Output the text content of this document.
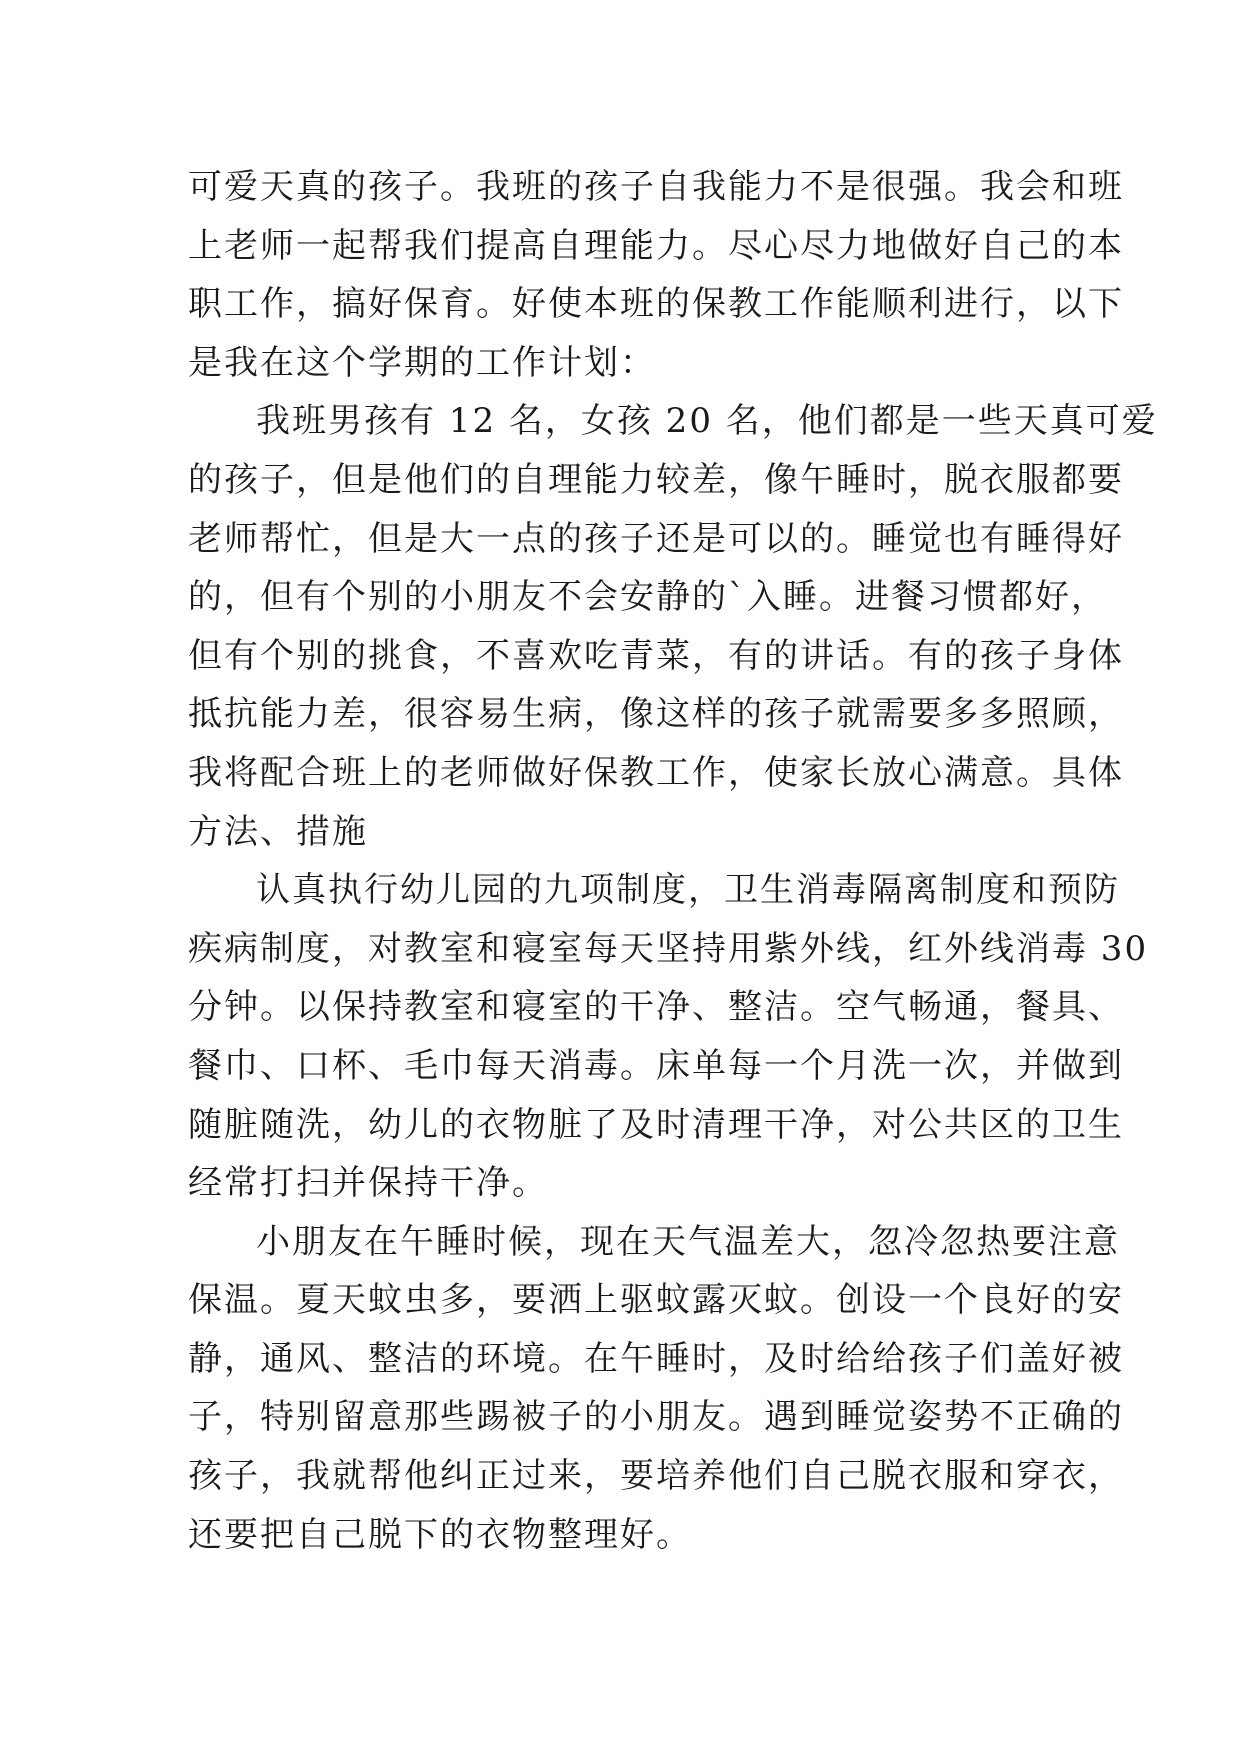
可爱天真的孩子。我班的孩子自我能力不是很强。我会和班
上老师一起帮我们提高自理能力。尽心尽力地做好自己的本
职工作，搞好保育。好使本班的保教工作能顺利进行，以下
是我在这个学期的工作计划：
我班男孩有 12 名，女孩 20 名，他们都是一些天真可爱
的孩子，但是他们的自理能力较差，像午睡时，脱衣服都要
老师帮忙，但是大一点的孩子还是可以的。睡觉也有睡得好
的，但有个别的小朋友不会安静的`入睡。进餐习惯都好，
但有个别的挑食，不喜欢吃青菜，有的讲话。有的孩子身体
抵抗能力差，很容易生病，像这样的孩子就需要多多照顾，
我将配合班上的老师做好保教工作，使家长放心满意。具体
方法、措施
认真执行幼儿园的九项制度，卫生消毒隔离制度和预防
疾病制度，对教室和寝室每天坚持用紫外线，红外线消毒 30
分钟。以保持教室和寝室的干净、整洁。空气畅通，餐具、
餐巾、口杯、毛巾每天消毒。床单每一个月洗一次，并做到
随脏随洗，幼儿的衣物脏了及时清理干净，对公共区的卫生
经常打扫并保持干净。
小朋友在午睡时候，现在天气温差大，忽冷忽热要注意
保温。夏天蚊虫多，要洒上驱蚊露灭蚊。创设一个良好的安
静，通风、整洁的环境。在午睡时，及时给给孩子们盖好被
子，特别留意那些踢被子的小朋友。遇到睡觉姿势不正确的
孩子，我就帮他纠正过来，要培养他们自己脱衣服和穿衣，
还要把自己脱下的衣物整理好。
